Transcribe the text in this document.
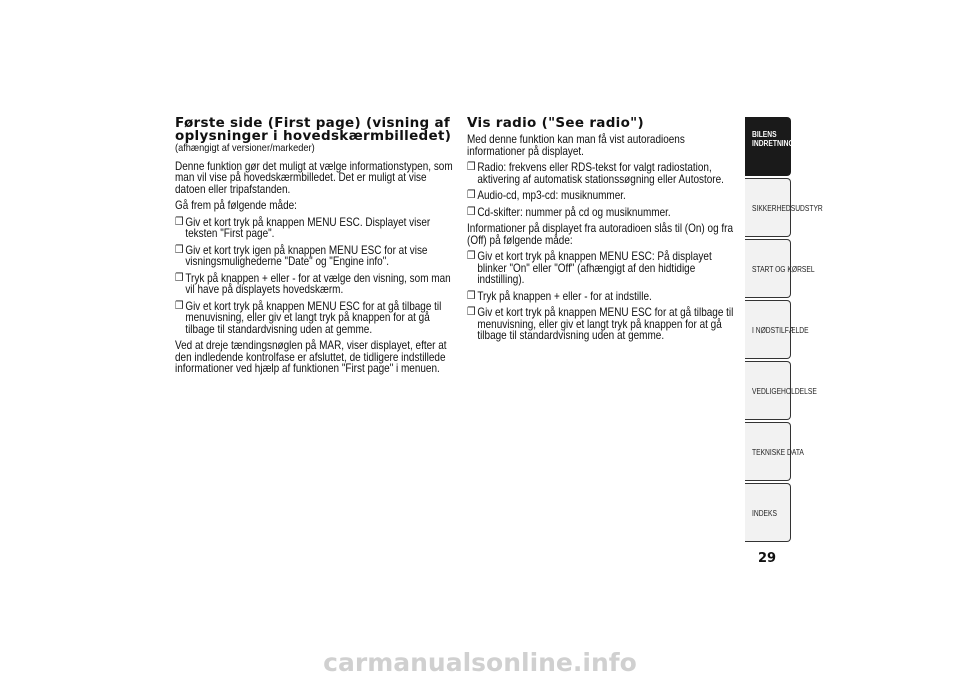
Første side (First page) (visning af oplysninger i hovedskærmbilledet)

(afhængigt af versioner/markeder)

Denne funktion gør det muligt at vælge informationstypen, som man vil vise på hovedskærmbilledet. Det er muligt at vise datoen eller tripafstanden.

Gå frem på følgende måde:

❒ Giv et kort tryk på knappen MENU ESC. Displayet viser teksten "First page".
❒ Giv et kort tryk igen på knappen MENU ESC for at vise visningsmulighederne "Date" og "Engine info".
❒ Tryk på knappen + eller - for at vælge den visning, som man vil have på displayets hovedskærm.
❒ Giv et kort tryk på knappen MENU ESC for at gå tilbage til menuvisning, eller giv et langt tryk på knappen for at gå tilbage til standardvisning uden at gemme.

Ved at dreje tændingsnøglen på MAR, viser displayet, efter at den indledende kontrolfase er afsluttet, de tidligere indstillede informationer ved hjælp af funktionen "First page" i menuen.

Vis radio ("See radio")

Med denne funktion kan man få vist autoradioens informationer på displayet.

❒ Radio: frekvens eller RDS-tekst for valgt radiostation, aktivering af automatisk stationssøgning eller Autostore.
❒ Audio-cd, mp3-cd: musiknummer.
❒ Cd-skifter: nummer på cd og musiknummer.

Informationer på displayet fra autoradioen slås til (On) og fra (Off) på følgende måde:

❒ Giv et kort tryk på knappen MENU ESC: På displayet blinker "On" eller "Off" (afhængigt af den hidtidige indstilling).
❒ Tryk på knappen + eller - for at indstille.
❒ Giv et kort tryk på knappen MENU ESC for at gå tilbage til menuvisning, eller giv et langt tryk på knappen for at gå tilbage til standardvisning uden at gemme.
BILENS
INDRETNING
SIKKERHEDSUDSTYR
START OG KØRSEL
I NØDSTILFÆLDE
VEDLIGEHOLDELSE
TEKNISKE DATA
INDEKS
29
carmanualsonline.info
